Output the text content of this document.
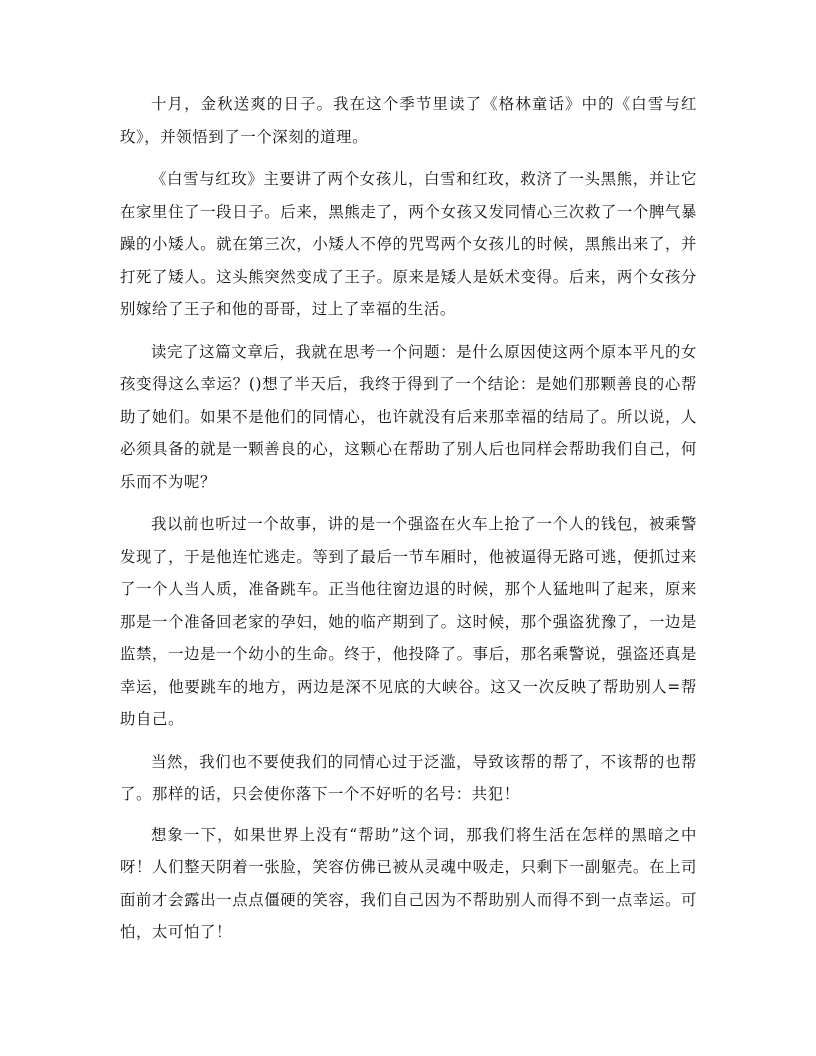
十月，金秋送爽的日子。我在这个季节里读了《格林童话》中的《白雪与红玫》，并领悟到了一个深刻的道理。

《白雪与红玫》主要讲了两个女孩儿，白雪和红玫，救济了一头黑熊，并让它在家里住了一段日子。后来，黑熊走了，两个女孩又发同情心三次救了一个脾气暴躁的小矮人。就在第三次，小矮人不停的咒骂两个女孩儿的时候，黑熊出来了，并打死了矮人。这头熊突然变成了王子。原来是矮人是妖术变得。后来，两个女孩分别嫁给了王子和他的哥哥，过上了幸福的生活。

读完了这篇文章后，我就在思考一个问题：是什么原因使这两个原本平凡的女孩变得这么幸运？()想了半天后，我终于得到了一个结论：是她们那颗善良的心帮助了她们。如果不是他们的同情心，也许就没有后来那幸福的结局了。所以说，人必须具备的就是一颗善良的心，这颗心在帮助了别人后也同样会帮助我们自己，何乐而不为呢？

我以前也听过一个故事，讲的是一个强盗在火车上抢了一个人的钱包，被乘警发现了，于是他连忙逃走。等到了最后一节车厢时，他被逼得无路可逃，便抓过来了一个人当人质，准备跳车。正当他往窗边退的时候，那个人猛地叫了起来，原来那是一个准备回老家的孕妇，她的临产期到了。这时候，那个强盗犹豫了，一边是监禁，一边是一个幼小的生命。终于，他投降了。事后，那名乘警说，强盗还真是幸运，他要跳车的地方，两边是深不见底的大峡谷。这又一次反映了帮助别人=帮助自己。

当然，我们也不要使我们的同情心过于泛滥，导致该帮的帮了，不该帮的也帮了。那样的话，只会使你落下一个不好听的名号：共犯！

想象一下，如果世界上没有“帮助”这个词，那我们将生活在怎样的黑暗之中呀！人们整天阴着一张脸，笑容仿佛已被从灵魂中吸走，只剩下一副躯壳。在上司面前才会露出一点点僵硬的笑容，我们自己因为不帮助别人而得不到一点幸运。可怕，太可怕了！
